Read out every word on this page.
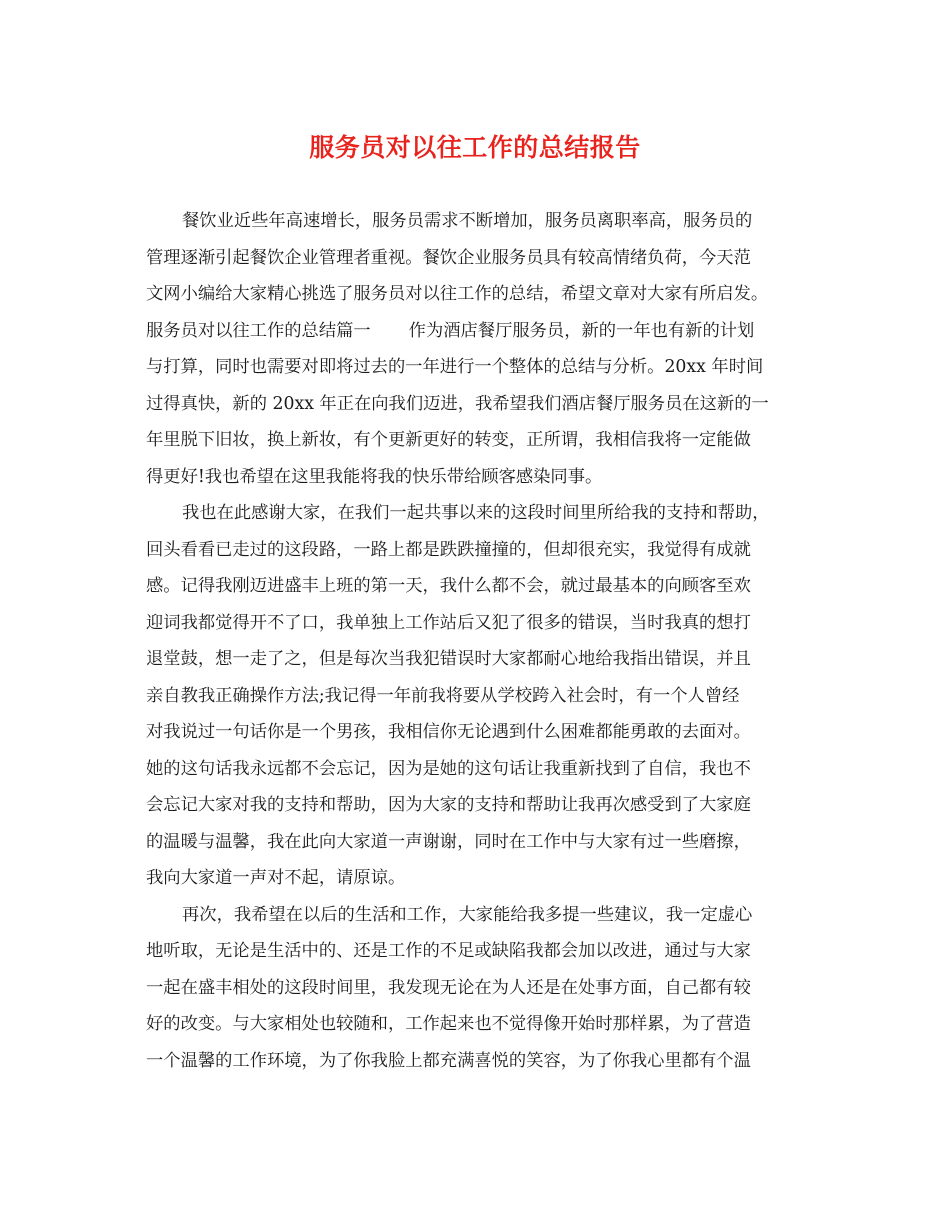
服务员对以往工作的总结报告
餐饮业近些年高速增长，服务员需求不断增加，服务员离职率高，服务员的
管理逐渐引起餐饮企业管理者重视。餐饮企业服务员具有较高情绪负荷，今天范
文网小编给大家精心挑选了服务员对以往工作的总结，希望文章对大家有所启发。
服务员对以往工作的总结篇一 作为酒店餐厅服务员，新的一年也有新的计划
与打算，同时也需要对即将过去的一年进行一个整体的总结与分析。20xx 年时间
过得真快，新的 20xx 年正在向我们迈进，我希望我们酒店餐厅服务员在这新的一
年里脱下旧妆，换上新妆，有个更新更好的转变，正所谓，我相信我将一定能做
得更好!我也希望在这里我能将我的快乐带给顾客感染同事。
我也在此感谢大家，在我们一起共事以来的这段时间里所给我的支持和帮助，
回头看看已走过的这段路，一路上都是跌跌撞撞的，但却很充实，我觉得有成就
感。记得我刚迈进盛丰上班的第一天，我什么都不会，就过最基本的向顾客至欢
迎词我都觉得开不了口，我单独上工作站后又犯了很多的错误，当时我真的想打
退堂鼓，想一走了之，但是每次当我犯错误时大家都耐心地给我指出错误，并且
亲自教我正确操作方法;我记得一年前我将要从学校跨入社会时，有一个人曾经
对我说过一句话你是一个男孩，我相信你无论遇到什么困难都能勇敢的去面对。
她的这句话我永远都不会忘记，因为是她的这句话让我重新找到了自信，我也不
会忘记大家对我的支持和帮助，因为大家的支持和帮助让我再次感受到了大家庭
的温暖与温馨，我在此向大家道一声谢谢，同时在工作中与大家有过一些磨擦，
我向大家道一声对不起，请原谅。
再次，我希望在以后的生活和工作，大家能给我多提一些建议，我一定虚心
地听取，无论是生活中的、还是工作的不足或缺陷我都会加以改进，通过与大家
一起在盛丰相处的这段时间里，我发现无论在为人还是在处事方面，自己都有较
好的改变。与大家相处也较随和，工作起来也不觉得像开始时那样累，为了营造
一个温馨的工作环境，为了你我脸上都充满喜悦的笑容，为了你我心里都有个温
